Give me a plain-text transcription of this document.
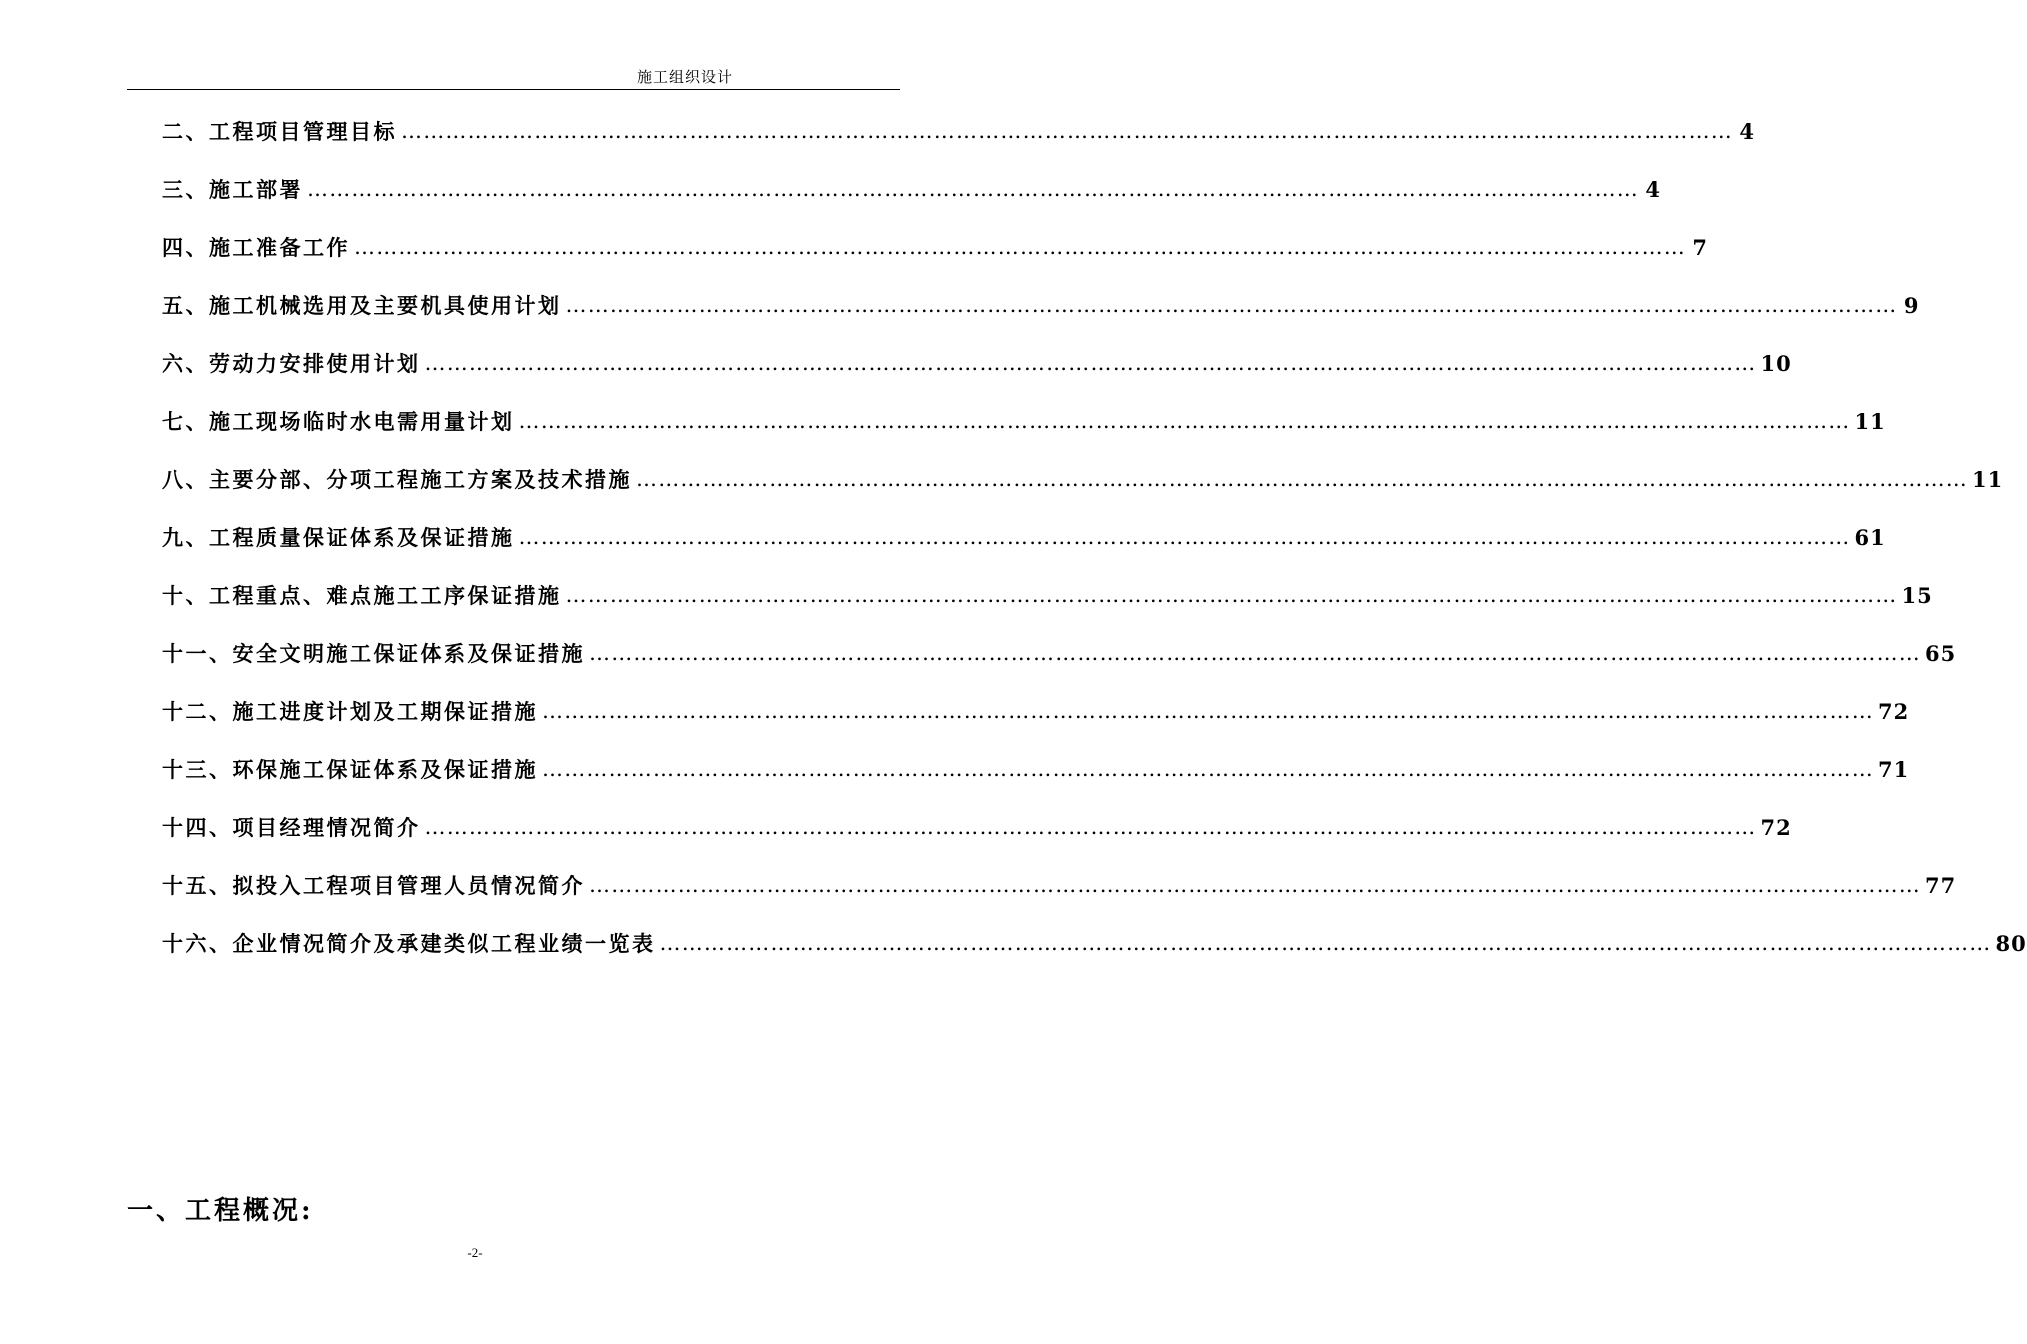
施工组织设计
二、工程项目管理目标 ……………………………………………………………………………………………………………………………………………………………… 4
三、施工部署 ……………………………………………………………………………………………………………………………………………………………… 4
四、施工准备工作 ……………………………………………………………………………………………………………………………………………………………… 7
五、施工机械选用及主要机具使用计划 ……………………………………………………………………………………………………………………………………………………………… 9
六、劳动力安排使用计划 ……………………………………………………………………………………………………………………………………………………………… 10
七、施工现场临时水电需用量计划 ……………………………………………………………………………………………………………………………………………………………… 11
八、主要分部、分项工程施工方案及技术措施 ……………………………………………………………………………………………………………………………………………………………… 11
九、工程质量保证体系及保证措施 ……………………………………………………………………………………………………………………………………………………………… 61
十、工程重点、难点施工工序保证措施 ……………………………………………………………………………………………………………………………………………………………… 15
十一、安全文明施工保证体系及保证措施 ……………………………………………………………………………………………………………………………………………………………… 65
十二、施工进度计划及工期保证措施 ……………………………………………………………………………………………………………………………………………………………… 72
十三、环保施工保证体系及保证措施 ……………………………………………………………………………………………………………………………………………………………… 71
十四、项目经理情况简介 ……………………………………………………………………………………………………………………………………………………………… 72
十五、拟投入工程项目管理人员情况简介 ……………………………………………………………………………………………………………………………………………………………… 77
十六、企业情况简介及承建类似工程业绩一览表 ……………………………………………………………………………………………………………………………………………………………… 80
一、工程概况:
-2-
